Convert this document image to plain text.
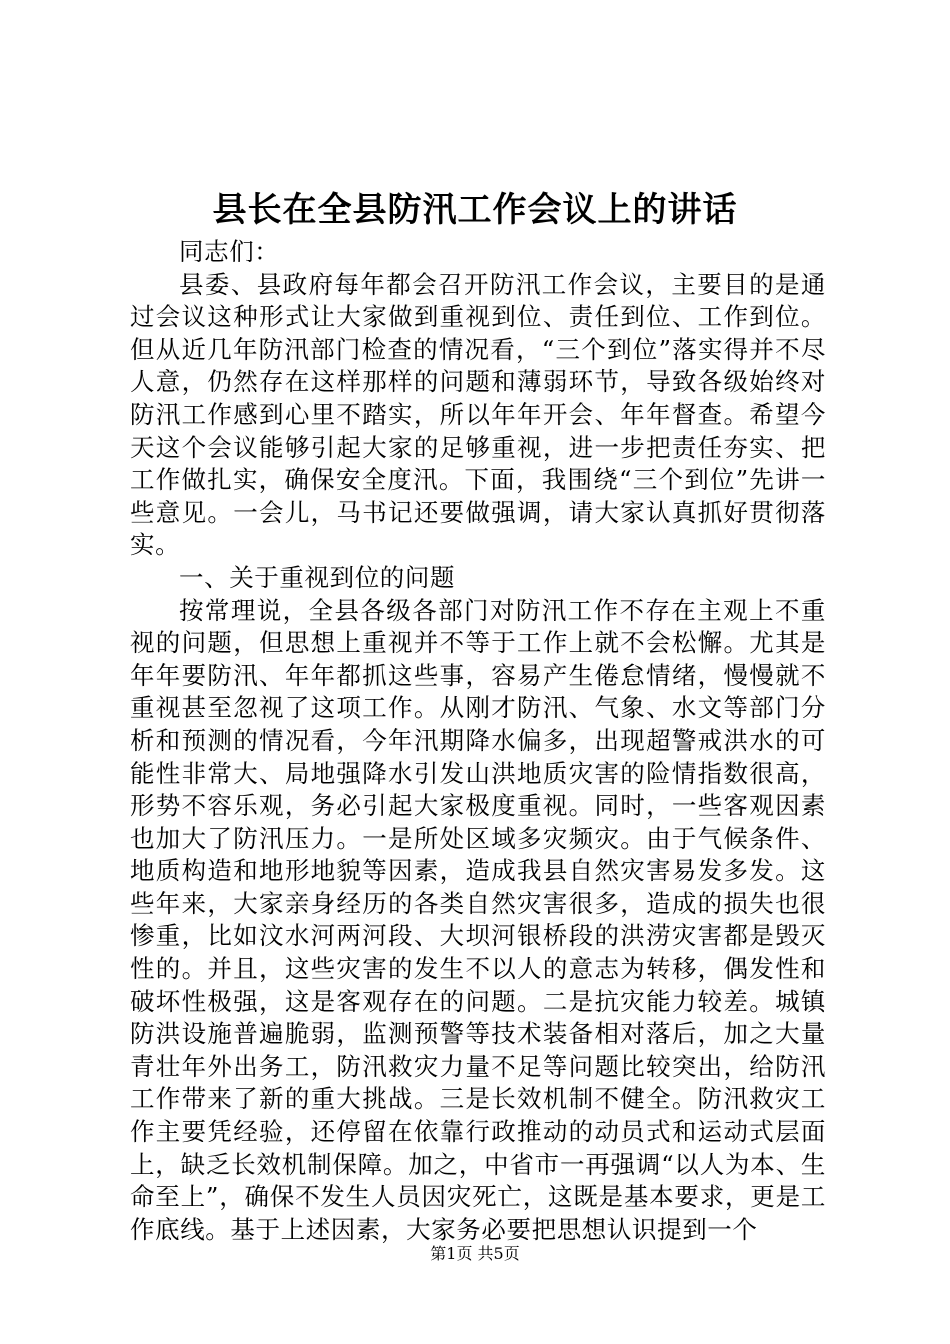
县长在全县防汛工作会议上的讲话

同志们：

县委、县政府每年都会召开防汛工作会议，主要目的是通过会议这种形式让大家做到重视到位、责任到位、工作到位。但从近几年防汛部门检查的情况看，“三个到位”落实得并不尽人意，仍然存在这样那样的问题和薄弱环节，导致各级始终对防汛工作感到心里不踏实，所以年年开会、年年督查。希望今天这个会议能够引起大家的足够重视，进一步把责任夯实、把工作做扎实，确保安全度汛。下面，我围绕“三个到位”先讲一些意见。一会儿，马书记还要做强调，请大家认真抓好贯彻落实。

一、关于重视到位的问题

按常理说，全县各级各部门对防汛工作不存在主观上不重视的问题，但思想上重视并不等于工作上就不会松懈。尤其是年年要防汛、年年都抓这些事，容易产生倦怠情绪，慢慢就不重视甚至忽视了这项工作。从刚才防汛、气象、水文等部门分析和预测的情况看，今年汛期降水偏多，出现超警戒洪水的可能性非常大、局地强降水引发山洪地质灾害的险情指数很高，形势不容乐观，务必引起大家极度重视。同时，一些客观因素也加大了防汛压力。一是所处区域多灾频灾。由于气候条件、地质构造和地形地貌等因素，造成我县自然灾害易发多发。这些年来，大家亲身经历的各类自然灾害很多，造成的损失也很惨重，比如汶水河两河段、大坝河银桥段的洪涝灾害都是毁灭性的。并且，这些灾害的发生不以人的意志为转移，偶发性和破坏性极强，这是客观存在的问题。二是抗灾能力较差。城镇防洪设施普遍脆弱，监测预警等技术装备相对落后，加之大量青壮年外出务工，防汛救灾力量不足等问题比较突出，给防汛工作带来了新的重大挑战。三是长效机制不健全。防汛救灾工作主要凭经验，还停留在依靠行政推动的动员式和运动式层面上，缺乏长效机制保障。加之，中省市一再强调“以人为本、生命至上”，确保不发生人员因灾死亡，这既是基本要求，更是工作底线。基于上述因素，大家务必要把思想认识提到一个

第1页 共5页
